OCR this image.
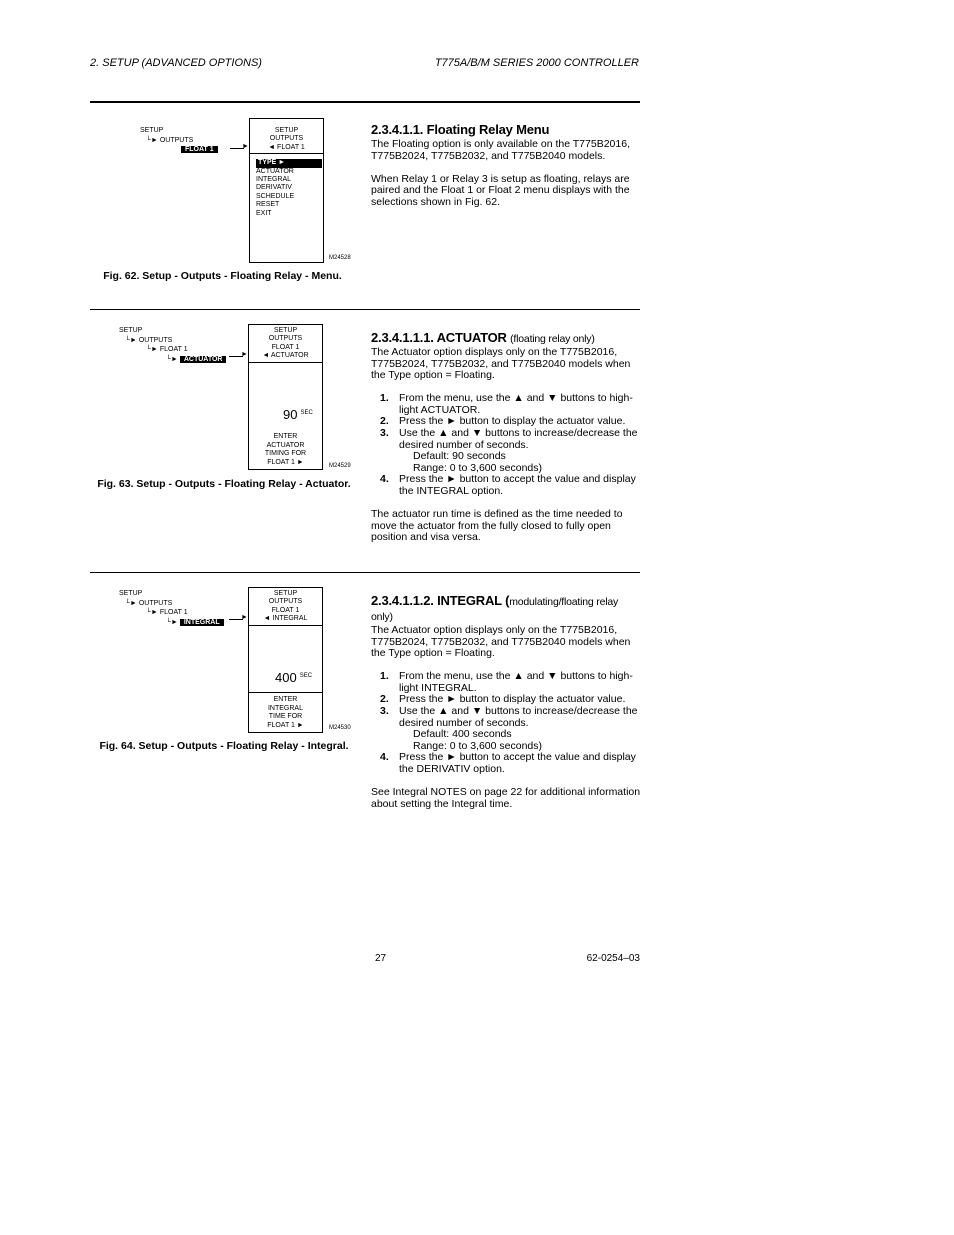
2. SETUP (ADVANCED OPTIONS)	T775A/B/M SERIES 2000 CONTROLLER
SETUP
└► OUTPUTS
FLOAT 1	►
SETUP
OUTPUTS
◄ FLOAT 1
TYPE ►
ACTUATOR
INTEGRAL
DERIVATIV
SCHEDULE
RESET
EXIT
M24528
Fig. 62. Setup - Outputs - Floating Relay - Menu.
2.3.4.1.1. Floating Relay Menu

The Floating option is only available on the T775B2016, T775B2024, T775B2032, and T775B2040 models.

When Relay 1 or Relay 3 is setup as floating, relays are paired and the Float 1 or Float 2 menu displays with the selections shown in Fig. 62.

SETUP
└► OUTPUTS
└► FLOAT 1
└► ACTUATOR
►
SETUP
OUTPUTS
FLOAT 1
◄ ACTUATOR
90 SEC
ENTER
ACTUATOR
TIMING FOR
FLOAT 1 ►
M24529
Fig. 63. Setup - Outputs - Floating Relay - Actuator.
2.3.4.1.1.1. ACTUATOR (floating relay only)

The Actuator option displays only on the T775B2016, T775B2024, T775B2032, and T775B2040 models when the Type option = Floating.

1. From the menu, use the ▲ and ▼ buttons to high-light ACTUATOR.
2. Press the ► button to display the actuator value.
3. Use the ▲ and ▼ buttons to increase/decrease the desired number of seconds.
Default: 90 seconds
Range: 0 to 3,600 seconds)
4. Press the ► button to accept the value and display the INTEGRAL option.

The actuator run time is defined as the time needed to move the actuator from the fully closed to fully open position and visa versa.

SETUP
└► OUTPUTS
└► FLOAT 1
└► INTEGRAL
►
SETUP
OUTPUTS
FLOAT 1
◄ INTEGRAL
400 SEC
ENTER
INTEGRAL
TIME FOR
FLOAT 1 ►	M24530
Fig. 64. Setup - Outputs - Floating Relay - Integral.
2.3.4.1.1.2. INTEGRAL (modulating/floating relay only)

The Actuator option displays only on the T775B2016, T775B2024, T775B2032, and T775B2040 models when the Type option = Floating.

1. From the menu, use the ▲ and ▼ buttons to high-light INTEGRAL.
2. Press the ► button to display the actuator value.
3. Use the ▲ and ▼ buttons to increase/decrease the desired number of seconds.
Default: 400 seconds
Range: 0 to 3,600 seconds)
4. Press the ► button to accept the value and display the DERIVATIV option.

See Integral NOTES on page 22 for additional information about setting the Integral time.

27	62-0254–03
